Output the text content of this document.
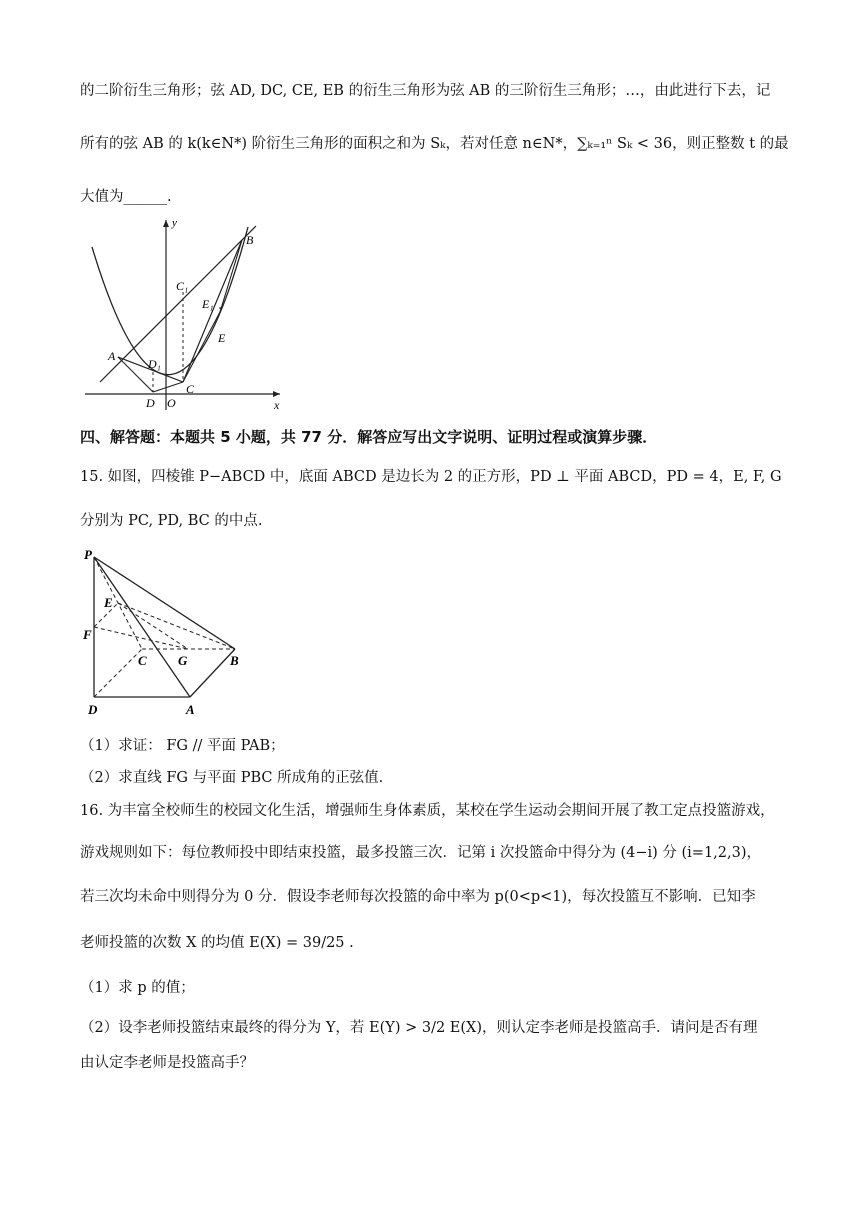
的二阶衍生三角形；弦 AD, DC, CE, EB 的衍生三角形为弦 AB 的三阶衍生三角形；…，由此进行下去，记
所有的弦 AB 的 k(k∈N*) 阶衍生三角形的面积之和为 Sₖ，若对任意 n∈N*，∑ₖ₌₁ⁿ Sₖ < 36，则正整数 t 的最
大值为______.
y
x
B
C₁
E₁
E
A
D₁
D O
C
四、解答题：本题共 5 小题，共 77 分．解答应写出文字说明、证明过程或演算步骤．
15. 如图，四棱锥 P−ABCD 中，底面 ABCD 是边长为 2 的正方形，PD ⊥ 平面 ABCD，PD = 4，E, F, G
分别为 PC, PD, BC 的中点.
P
E
F
C G	B
D	A
（1）求证： FG // 平面 PAB；
（2）求直线 FG 与平面 PBC 所成角的正弦值.
16. 为丰富全校师生的校园文化生活，增强师生身体素质，某校在学生运动会期间开展了教工定点投篮游戏，
游戏规则如下：每位教师投中即结束投篮，最多投篮三次．记第 i 次投篮命中得分为 (4−i) 分 (i=1,2,3)，
若三次均未命中则得分为 0 分．假设李老师每次投篮的命中率为 p(0<p<1)，每次投篮互不影响．已知李
老师投篮的次数 X 的均值 E(X) = 39/25 .
（1）求 p 的值；
（2）设李老师投篮结束最终的得分为 Y，若 E(Y) > 3/2 E(X)，则认定李老师是投篮高手．请问是否有理
由认定李老师是投篮高手？
